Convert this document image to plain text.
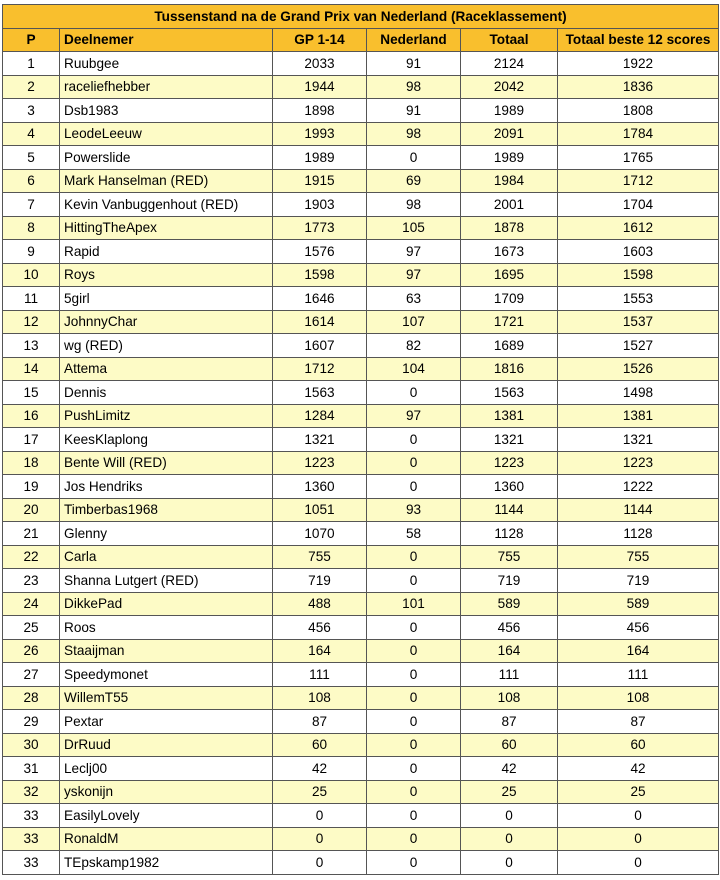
Tussenstand na de Grand Prix van Nederland (Raceklassement)					
P	Deelnemer	GP 1-14	Nederland	Totaal	Totaal beste 12 scores
1	Ruubgee	2033	91	2124	1922
2	raceliefhebber	1944	98	2042	1836
3	Dsb1983	1898	91	1989	1808
4	LeodeLeeuw	1993	98	2091	1784
5	Powerslide	1989	0	1989	1765
6	Mark Hanselman (RED)	1915	69	1984	1712
7	Kevin Vanbuggenhout (RED)	1903	98	2001	1704
8	HittingTheApex	1773	105	1878	1612
9	Rapid	1576	97	1673	1603
10	Roys	1598	97	1695	1598
11	5girl	1646	63	1709	1553
12	JohnnyChar	1614	107	1721	1537
13	wg (RED)	1607	82	1689	1527
14	Attema	1712	104	1816	1526
15	Dennis	1563	0	1563	1498
16	PushLimitz	1284	97	1381	1381
17	KeesKlaplong	1321	0	1321	1321
18	Bente Will (RED)	1223	0	1223	1223
19	Jos Hendriks	1360	0	1360	1222
20	Timberbas1968	1051	93	1144	1144
21	Glenny	1070	58	1128	1128
22	Carla	755	0	755	755
23	Shanna Lutgert (RED)	719	0	719	719
24	DikkePad	488	101	589	589
25	Roos	456	0	456	456
26	Staaijman	164	0	164	164
27	Speedymonet	111	0	111	111
28	WillemT55	108	0	108	108
29	Pextar	87	0	87	87
30	DrRuud	60	0	60	60
31	Leclj00	42	0	42	42
32	yskonijn	25	0	25	25
33	EasilyLovely	0	0	0	0
33	RonaldM	0	0	0	0
33	TEpskamp1982	0	0	0	0
